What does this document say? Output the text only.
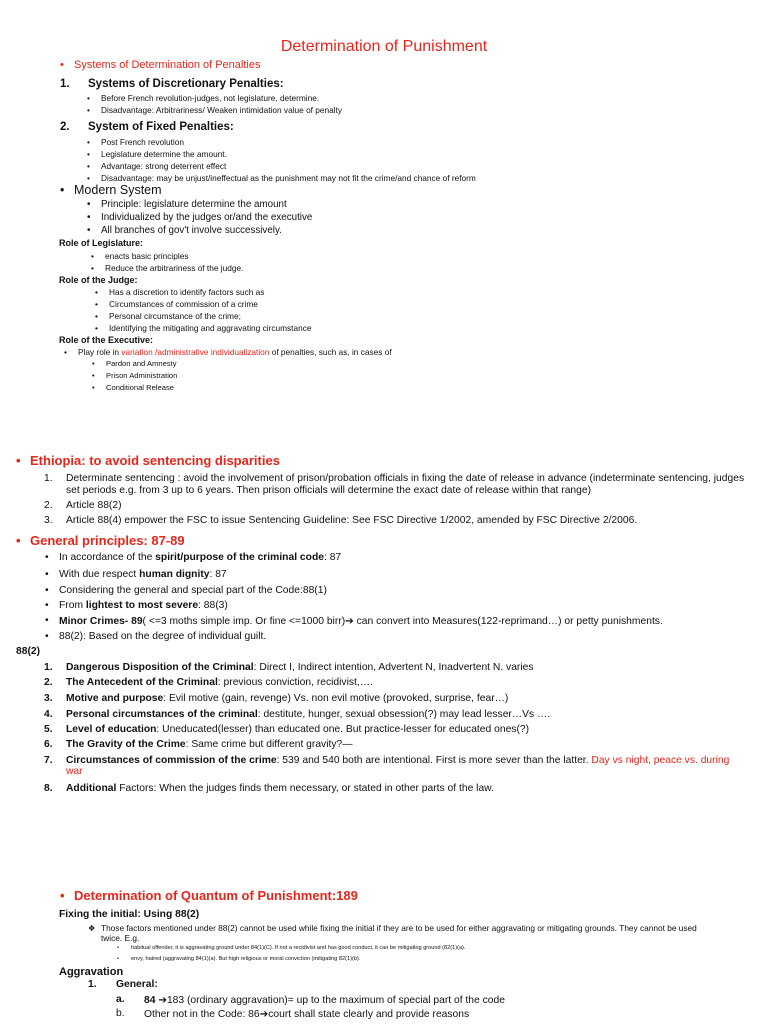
Determination of Punishment
• Systems of Determination of Penalties
1. Systems of Discretionary Penalties:
• Before French revolution-judges, not legislature, determine.
• Disadvantage: Arbitrariness/ Weaken intimidation value of penalty
2. System of Fixed Penalties:
• Post French revolution
• Legislature determine the amount.
• Advantage: strong deterrent effect
• Disadvantage: may be unjust/ineffectual as the punishment may not fit the crime/and chance of reform
• Modern System
• Principle: legislature determine the amount
• Individualized by the judges or/and the executive
• All branches of gov't involve successively.
Role of Legislature:
• enacts basic principles
• Reduce the arbitrariness of the judge.
Role of the Judge:
• Has a discretion to identify factors such as
• Circumstances of commission of a crime
• Personal circumstance of the crime;
• Identifying the mitigating and aggravating circumstance
Role of the Executive:
• Play role in variation /administrative individualization of penalties, such as, in cases of
• Pardon and Amnesty
• Prison Administration
• Conditional Release
• Ethiopia: to avoid sentencing disparities
1. Determinate sentencing : avoid the involvement of prison/probation officials in fixing the date of release in advance (indeterminate sentencing, judges set periods e.g. from 3 up to 6 years. Then prison officials will determine the exact date of release within that range)
2. Article 88(2)
3. Article 88(4) empower the FSC to issue Sentencing Guideline: See FSC Directive 1/2002, amended by FSC Directive 2/2006.
• General principles: 87-89
• In accordance of the spirit/purpose of the criminal code: 87
• With due respect human dignity: 87
• Considering the general and special part of the Code:88(1)
• From lightest to most severe: 88(3)
• Minor Crimes- 89( <=3 moths simple imp. Or fine <=1000 birr)➔ can convert into Measures(122-reprimand…) or petty punishments.
• 88(2): Based on the degree of individual guilt.
88(2)
1. Dangerous Disposition of the Criminal: Direct I, Indirect intention, Advertent N, Inadvertent N. varies
2. The Antecedent of the Criminal: previous conviction, recidivist,….
3. Motive and purpose: Evil motive (gain, revenge) Vs. non evil motive (provoked, surprise, fear…)
4. Personal circumstances of the criminal: destitute, hunger, sexual obsession(?) may lead lesser…Vs ….
5. Level of education: Uneducated(lesser) than educated one. But practice-lesser for educated ones(?)
6. The Gravity of the Crime: Same crime but different gravity?—
7. Circumstances of commission of the crime: 539 and 540 both are intentional. First is more sever than the latter. Day vs night, peace vs. during war
8. Additional Factors: When the judges finds them necessary, or stated in other parts of the law.
• Determination of Quantum of Punishment:189
Fixing the initial: Using 88(2)
❖ Those factors mentioned under 88(2) cannot be used while fixing the initial if they are to be used for either aggravating or mitigating grounds. They cannot be used twice. E.g.
• habitual offender, it is aggravating ground under 84(1)(C). If not a recidivist and has good conduct, it can be mitigating ground (82(1)(a).
• envy, hatred (aggravating 84(1)(a). But high religious or moral conviction (mitigating 82(1)(b).
Aggravation
1. General:
a. 84 ➔183 (ordinary aggravation)= up to the maximum of special part of the code
b. Other not in the Code: 86➔court shall state clearly and provide reasons
